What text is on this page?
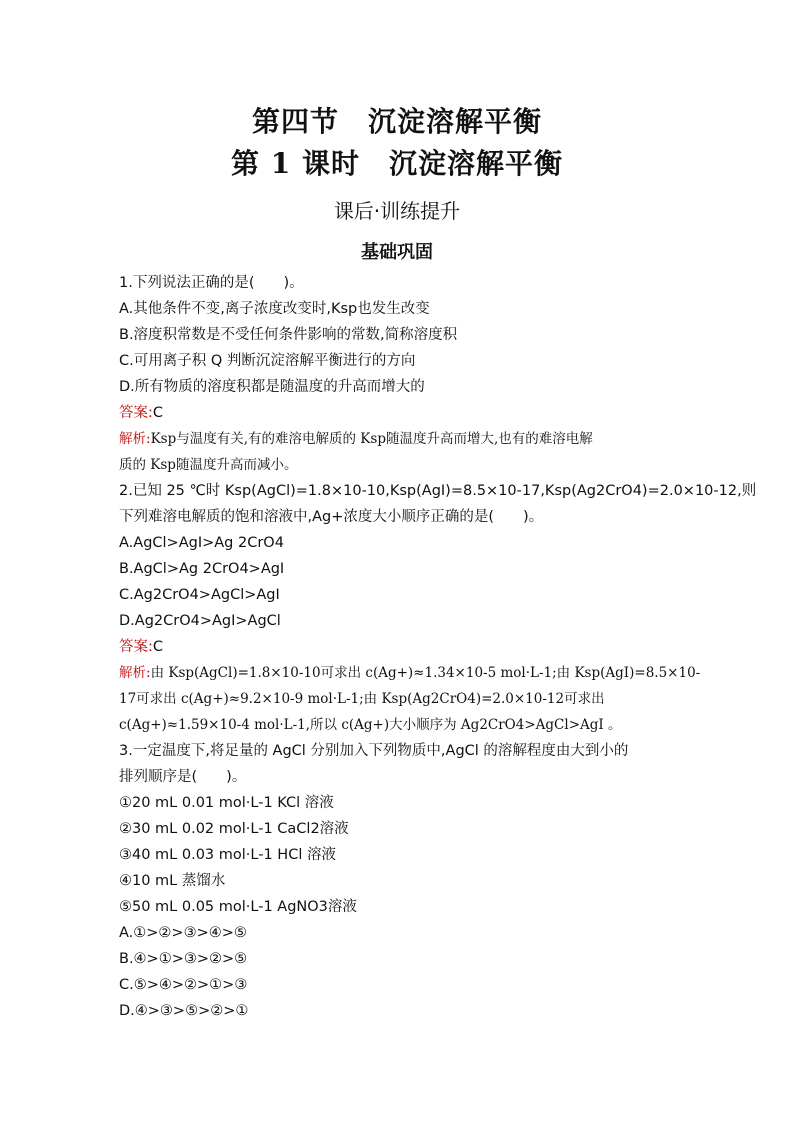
第四节　沉淀溶解平衡
第 1 课时　沉淀溶解平衡
课后·训练提升
基础巩固
1.下列说法正确的是(　　)。
A.其他条件不变,离子浓度改变时,Ksp也发生改变
B.溶度积常数是不受任何条件影响的常数,简称溶度积
C.可用离子积 Q 判断沉淀溶解平衡进行的方向
D.所有物质的溶度积都是随温度的升高而增大的
答案:C
解析:Ksp与温度有关,有的难溶电解质的 Ksp随温度升高而增大,也有的难溶电解
质的 Ksp随温度升高而减小。
2.已知 25 ℃时 Ksp(AgCl)=1.8×10-10,Ksp(AgI)=8.5×10-17,Ksp(Ag2CrO4)=2.0×10-12,则
下列难溶电解质的饱和溶液中,Ag+浓度大小顺序正确的是(　　)。
A.AgCl>AgI>Ag 2CrO4
B.AgCl>Ag 2CrO4>AgI
C.Ag2CrO4>AgCl>AgI
D.Ag2CrO4>AgI>AgCl
答案:C
解析:由 Ksp(AgCl)=1.8×10-10可求出 c(Ag+)≈1.34×10-5 mol·L-1;由 Ksp(AgI)=8.5×10-
17可求出 c(Ag+)≈9.2×10-9 mol·L-1;由 Ksp(Ag2CrO4)=2.0×10-12可求出
c(Ag+)≈1.59×10-4 mol·L-1,所以 c(Ag+)大小顺序为 Ag2CrO4>AgCl>AgI 。
3.一定温度下,将足量的 AgCl 分别加入下列物质中,AgCl 的溶解程度由大到小的
排列顺序是(　　)。
①20 mL 0.01 mol·L-1 KCl 溶液
②30 mL 0.02 mol·L-1 CaCl2溶液
③40 mL 0.03 mol·L-1 HCl 溶液
④10 mL 蒸馏水
⑤50 mL 0.05 mol·L-1 AgNO3溶液
A.①>②>③>④>⑤
B.④>①>③>②>⑤
C.⑤>④>②>①>③
D.④>③>⑤>②>①
